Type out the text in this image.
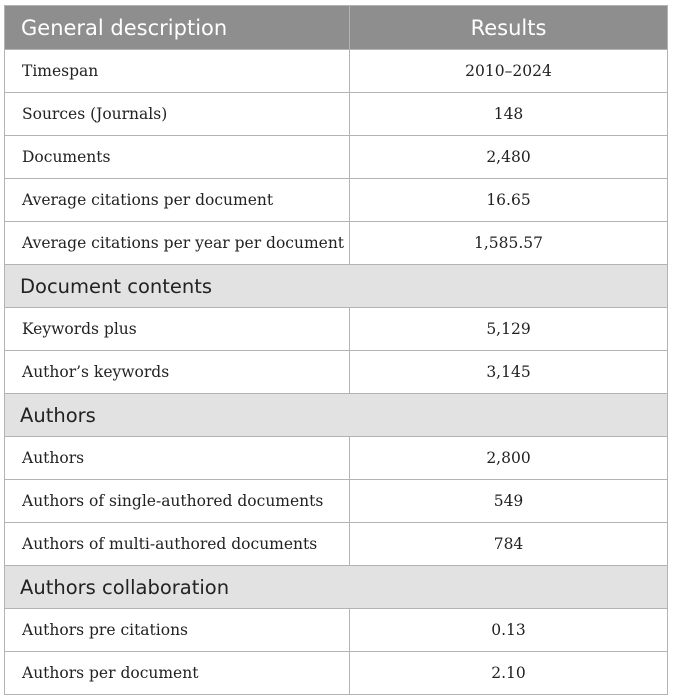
General description	Results
Timespan	2010–2024
Sources (Journals)	148
Documents	2,480
Average citations per document	16.65
Average citations per year per document	1,585.57
Document contents	
Keywords plus	5,129
Author’s keywords	3,145
Authors	
Authors	2,800
Authors of single-authored documents	549
Authors of multi-authored documents	784
Authors collaboration	
Authors pre citations	0.13
Authors per document	2.10
